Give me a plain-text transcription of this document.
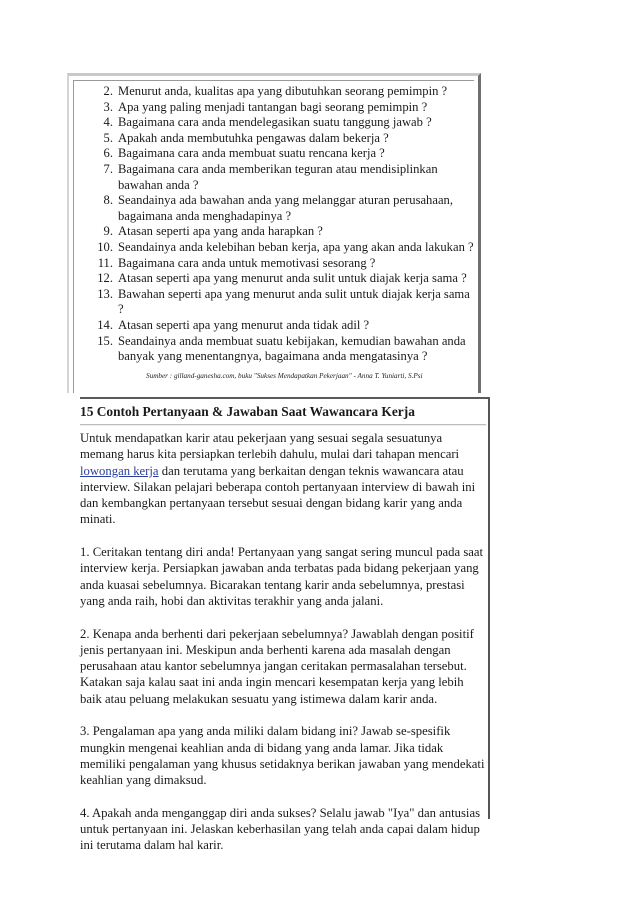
2. Menurut anda, kualitas apa yang dibutuhkan seorang pemimpin ?
3. Apa yang paling menjadi tantangan bagi seorang pemimpin ?
4. Bagaimana cara anda mendelegasikan suatu tanggung jawab ?
5. Apakah anda membutuhka pengawas dalam bekerja ?
6. Bagaimana cara anda membuat suatu rencana kerja ?
7. Bagaimana cara anda memberikan teguran atau mendisiplinkan bawahan anda ?
8. Seandainya ada bawahan anda yang melanggar aturan perusahaan, bagaimana anda menghadapinya ?
9. Atasan seperti apa yang anda harapkan ?
10. Seandainya anda kelebihan beban kerja, apa yang akan anda lakukan ?
11. Bagaimana cara anda untuk memotivasi sesorang ?
12. Atasan seperti apa yang menurut anda sulit untuk diajak kerja sama ?
13. Bawahan seperti apa yang menurut anda sulit untuk diajak kerja sama ?
14. Atasan seperti apa yang menurut anda tidak adil ?
15. Seandainya anda membuat suatu kebijakan, kemudian bawahan anda banyak yang menentangnya, bagaimana anda mengatasinya ?
Sumber : gilland-ganesha.com, buku "Sukses Mendapatkan Pekerjaan" - Anna T. Yuniarti, S.Psi
15 Contoh Pertanyaan & Jawaban Saat Wawancara Kerja

Untuk mendapatkan karir atau pekerjaan yang sesuai segala sesuatunya memang harus kita persiapkan terlebih dahulu, mulai dari tahapan mencari lowongan kerja dan terutama yang berkaitan dengan teknis wawancara atau interview. Silakan pelajari beberapa contoh pertanyaan interview di bawah ini dan kembangkan pertanyaan tersebut sesuai dengan bidang karir yang anda minati.

1. Ceritakan tentang diri anda! Pertanyaan yang sangat sering muncul pada saat interview kerja. Persiapkan jawaban anda terbatas pada bidang pekerjaan yang anda kuasai sebelumnya. Bicarakan tentang karir anda sebelumnya, prestasi yang anda raih, hobi dan aktivitas terakhir yang anda jalani.

2. Kenapa anda berhenti dari pekerjaan sebelumnya? Jawablah dengan positif jenis pertanyaan ini. Meskipun anda berhenti karena ada masalah dengan perusahaan atau kantor sebelumnya jangan ceritakan permasalahan tersebut. Katakan saja kalau saat ini anda ingin mencari kesempatan kerja yang lebih baik atau peluang melakukan sesuatu yang istimewa dalam karir anda.

3. Pengalaman apa yang anda miliki dalam bidang ini? Jawab se-spesifik mungkin mengenai keahlian anda di bidang yang anda lamar. Jika tidak memiliki pengalaman yang khusus setidaknya berikan jawaban yang mendekati keahlian yang dimaksud.

4. Apakah anda menganggap diri anda sukses? Selalu jawab "Iya" dan antusias untuk pertanyaan ini. Jelaskan keberhasilan yang telah anda capai dalam hidup ini terutama dalam hal karir.
